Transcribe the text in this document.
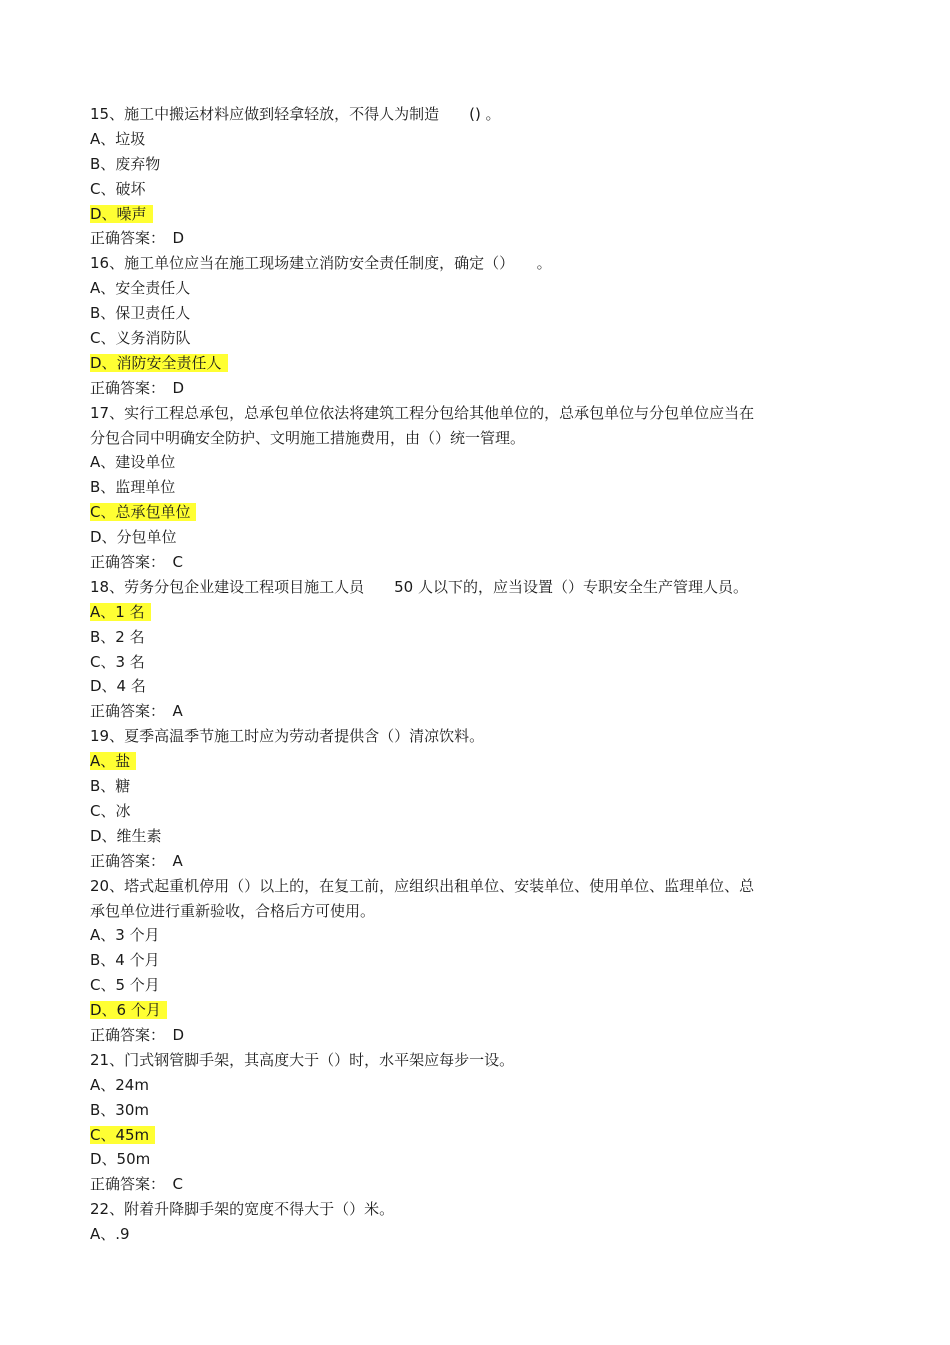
15、施工中搬运材料应做到轻拿轻放，不得人为制造　　() 。
A、垃圾
B、废弃物
C、破坏
D、噪声
正确答案：　D
16、施工单位应当在施工现场建立消防安全责任制度，确定（）　　。
A、安全责任人
B、保卫责任人
C、义务消防队
D、消防安全责任人
正确答案：　D
17、实行工程总承包，总承包单位依法将建筑工程分包给其他单位的，总承包单位与分包单位应当在
分包合同中明确安全防护、文明施工措施费用，由（）统一管理。
A、建设单位
B、监理单位
C、总承包单位
D、分包单位
正确答案：　C
18、劳务分包企业建设工程项目施工人员　　50 人以下的，应当设置（）专职安全生产管理人员。
A、1 名
B、2 名
C、3 名
D、4 名
正确答案：　A
19、夏季高温季节施工时应为劳动者提供含（）清凉饮料。
A、盐
B、糖
C、冰
D、维生素
正确答案：　A
20、塔式起重机停用（）以上的，在复工前，应组织出租单位、安装单位、使用单位、监理单位、总
承包单位进行重新验收，合格后方可使用。
A、3 个月
B、4 个月
C、5 个月
D、6 个月
正确答案：　D
21、门式钢管脚手架，其高度大于（）时，水平架应每步一设。
A、24m
B、30m
C、45m
D、50m
正确答案：　C
22、附着升降脚手架的宽度不得大于（）米。
A、.9
